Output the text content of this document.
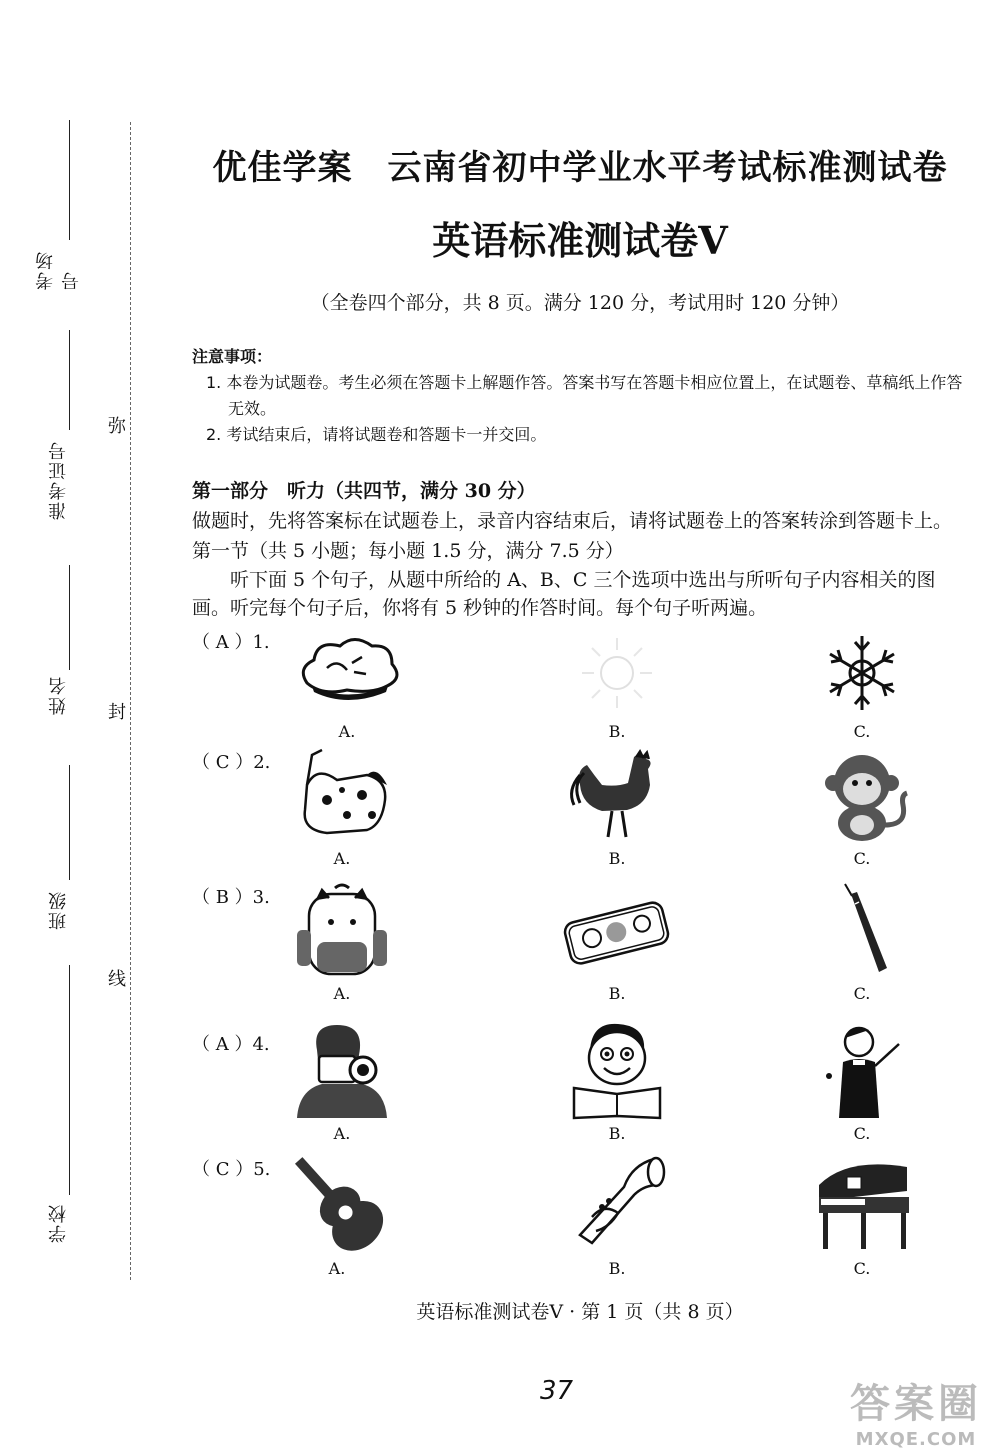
考场号
准考证号
姓名
班级
学校
弥
封
线
优佳学案　云南省初中学业水平考试标准测试卷
英语标准测试卷Ⅴ
（全卷四个部分，共 8 页。满分 120 分，考试用时 120 分钟）
注意事项：
1. 本卷为试题卷。考生必须在答题卡上解题作答。答案书写在答题卡相应位置上，在试题卷、草稿纸上作答无效。
2. 考试结束后，请将试题卷和答题卡一并交回。
第一部分　听力（共四节，满分 30 分）
做题时，先将答案标在试题卷上，录音内容结束后，请将试题卷上的答案转涂到答题卡上。
第一节（共 5 小题；每小题 1.5 分，满分 7.5 分）
听下面 5 个句子，从题中所给的 A、B、C 三个选项中选出与所听句子内容相关的图画。听完每个句子后，你将有 5 秒钟的作答时间。每个句子听两遍。
（ A ）1.
A.	B.	C.
（ C ）2.
A.	B.	C.
（ B ）3.
A.	B.	C.
（ A ）4.
A.	B.	C.
（ C ）5.
A.	B.	C.
英语标准测试卷Ⅴ · 第 1 页（共 8 页）
37	答案圈
MXQE.COM
